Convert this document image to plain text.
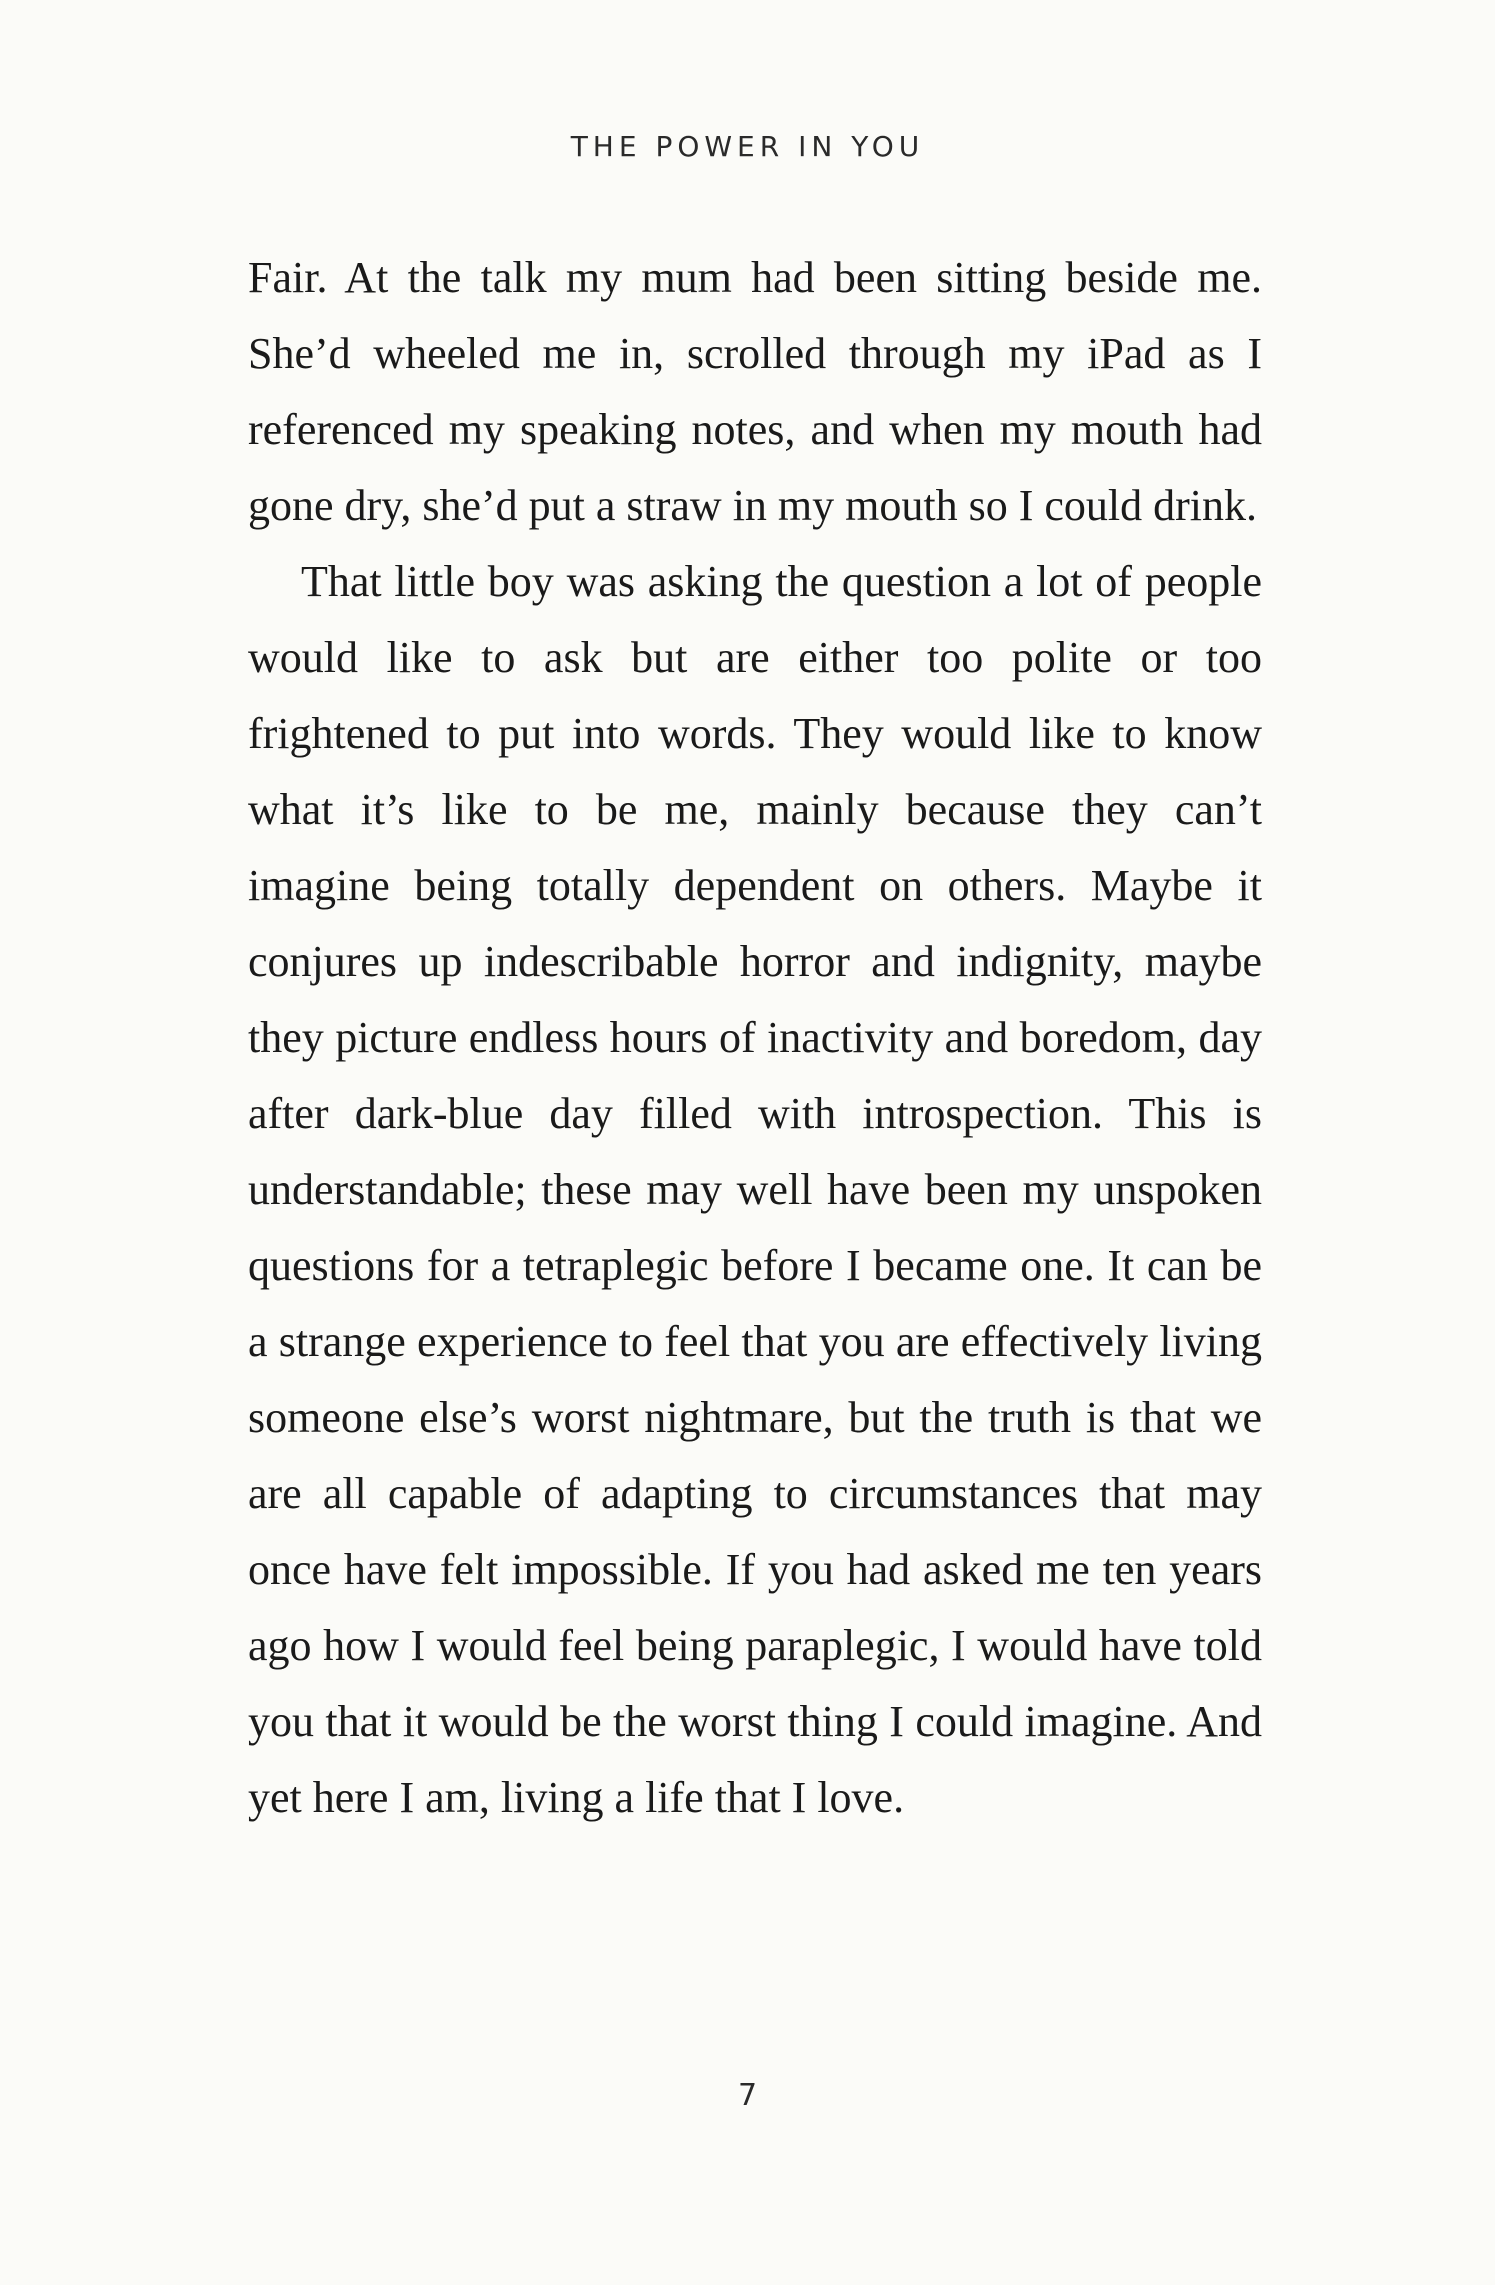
THE POWER IN YOU

Fair. At the talk my mum had been sitting beside me. She’d wheeled me in, scrolled through my iPad as I referenced my speaking notes, and when my mouth had gone dry, she’d put a straw in my mouth so I could drink.

That little boy was asking the question a lot of people would like to ask but are either too polite or too frightened to put into words. They would like to know what it’s like to be me, mainly because they can’t imagine being totally dependent on others. Maybe it conjures up indescribable horror and indignity, maybe they picture endless hours of inactivity and boredom, day after dark-blue day filled with introspection. This is understandable; these may well have been my unspoken questions for a tetraplegic before I became one. It can be a strange experience to feel that you are effectively living someone else’s worst nightmare, but the truth is that we are all capable of adapting to circumstances that may once have felt impossible. If you had asked me ten years ago how I would feel being paraplegic, I would have told you that it would be the worst thing I could imagine. And yet here I am, living a life that I love.

7
